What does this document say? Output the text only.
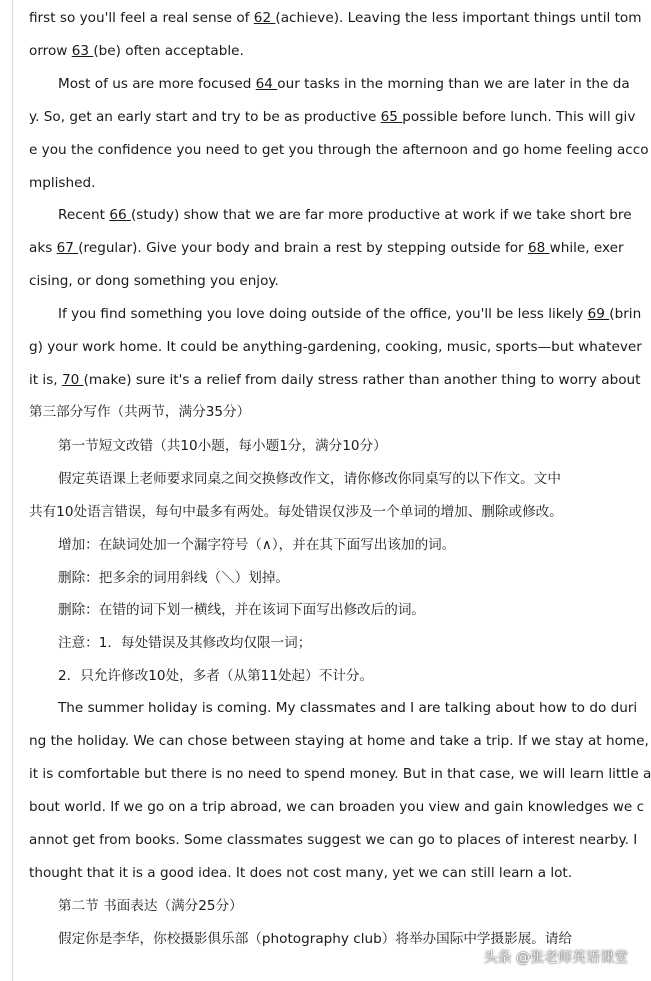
first so you'll feel a real sense of 62 (achieve). Leaving the less important things until tom
orrow 63 (be) often acceptable.
Most of us are more focused 64 our tasks in the morning than we are later in the da
y. So, get an early start and try to be as productive 65 possible before lunch. This will giv
e you the confidence you need to get you through the afternoon and go home feeling acco
mplished.
Recent 66 (study) show that we are far more productive at work if we take short bre
aks 67 (regular). Give your body and brain a rest by stepping outside for 68 while, exer
cising, or dong something you enjoy.
If you find something you love doing outside of the office, you'll be less likely 69 (brin
g) your work home. It could be anything-gardening, cooking, music, sports—but whatever
it is, 70 (make) sure it's a relief from daily stress rather than another thing to worry about
第三部分写作（共两节，满分35分）
第一节短文改错（共10小题，每小题1分，满分10分）
假定英语课上老师要求同桌之间交换修改作文，请你修改你同桌写的以下作文。文中
共有10处语言错误，每句中最多有两处。每处错误仅涉及一个单词的增加、删除或修改。
增加：在缺词处加一个漏字符号（∧），并在其下面写出该加的词。
删除：把多余的词用斜线（＼）划掉。
删除：在错的词下划一横线，并在该词下面写出修改后的词。
注意：1．每处错误及其修改均仅限一词；
2．只允许修改10处，多者（从第11处起）不计分。
The summer holiday is coming. My classmates and I are talking about how to do duri
ng the holiday. We can chose between staying at home and take a trip. If we stay at home,
it is comfortable but there is no need to spend money. But in that case, we will learn little a
bout world. If we go on a trip abroad, we can broaden you view and gain knowledges we c
annot get from books. Some classmates suggest we can go to places of interest nearby. I
thought that it is a good idea. It does not cost many, yet we can still learn a lot.
第二节 书面表达（满分25分）
假定你是李华，你校摄影俱乐部（photography club）将举办国际中学摄影展。请给
头条 @张老师英语课堂
